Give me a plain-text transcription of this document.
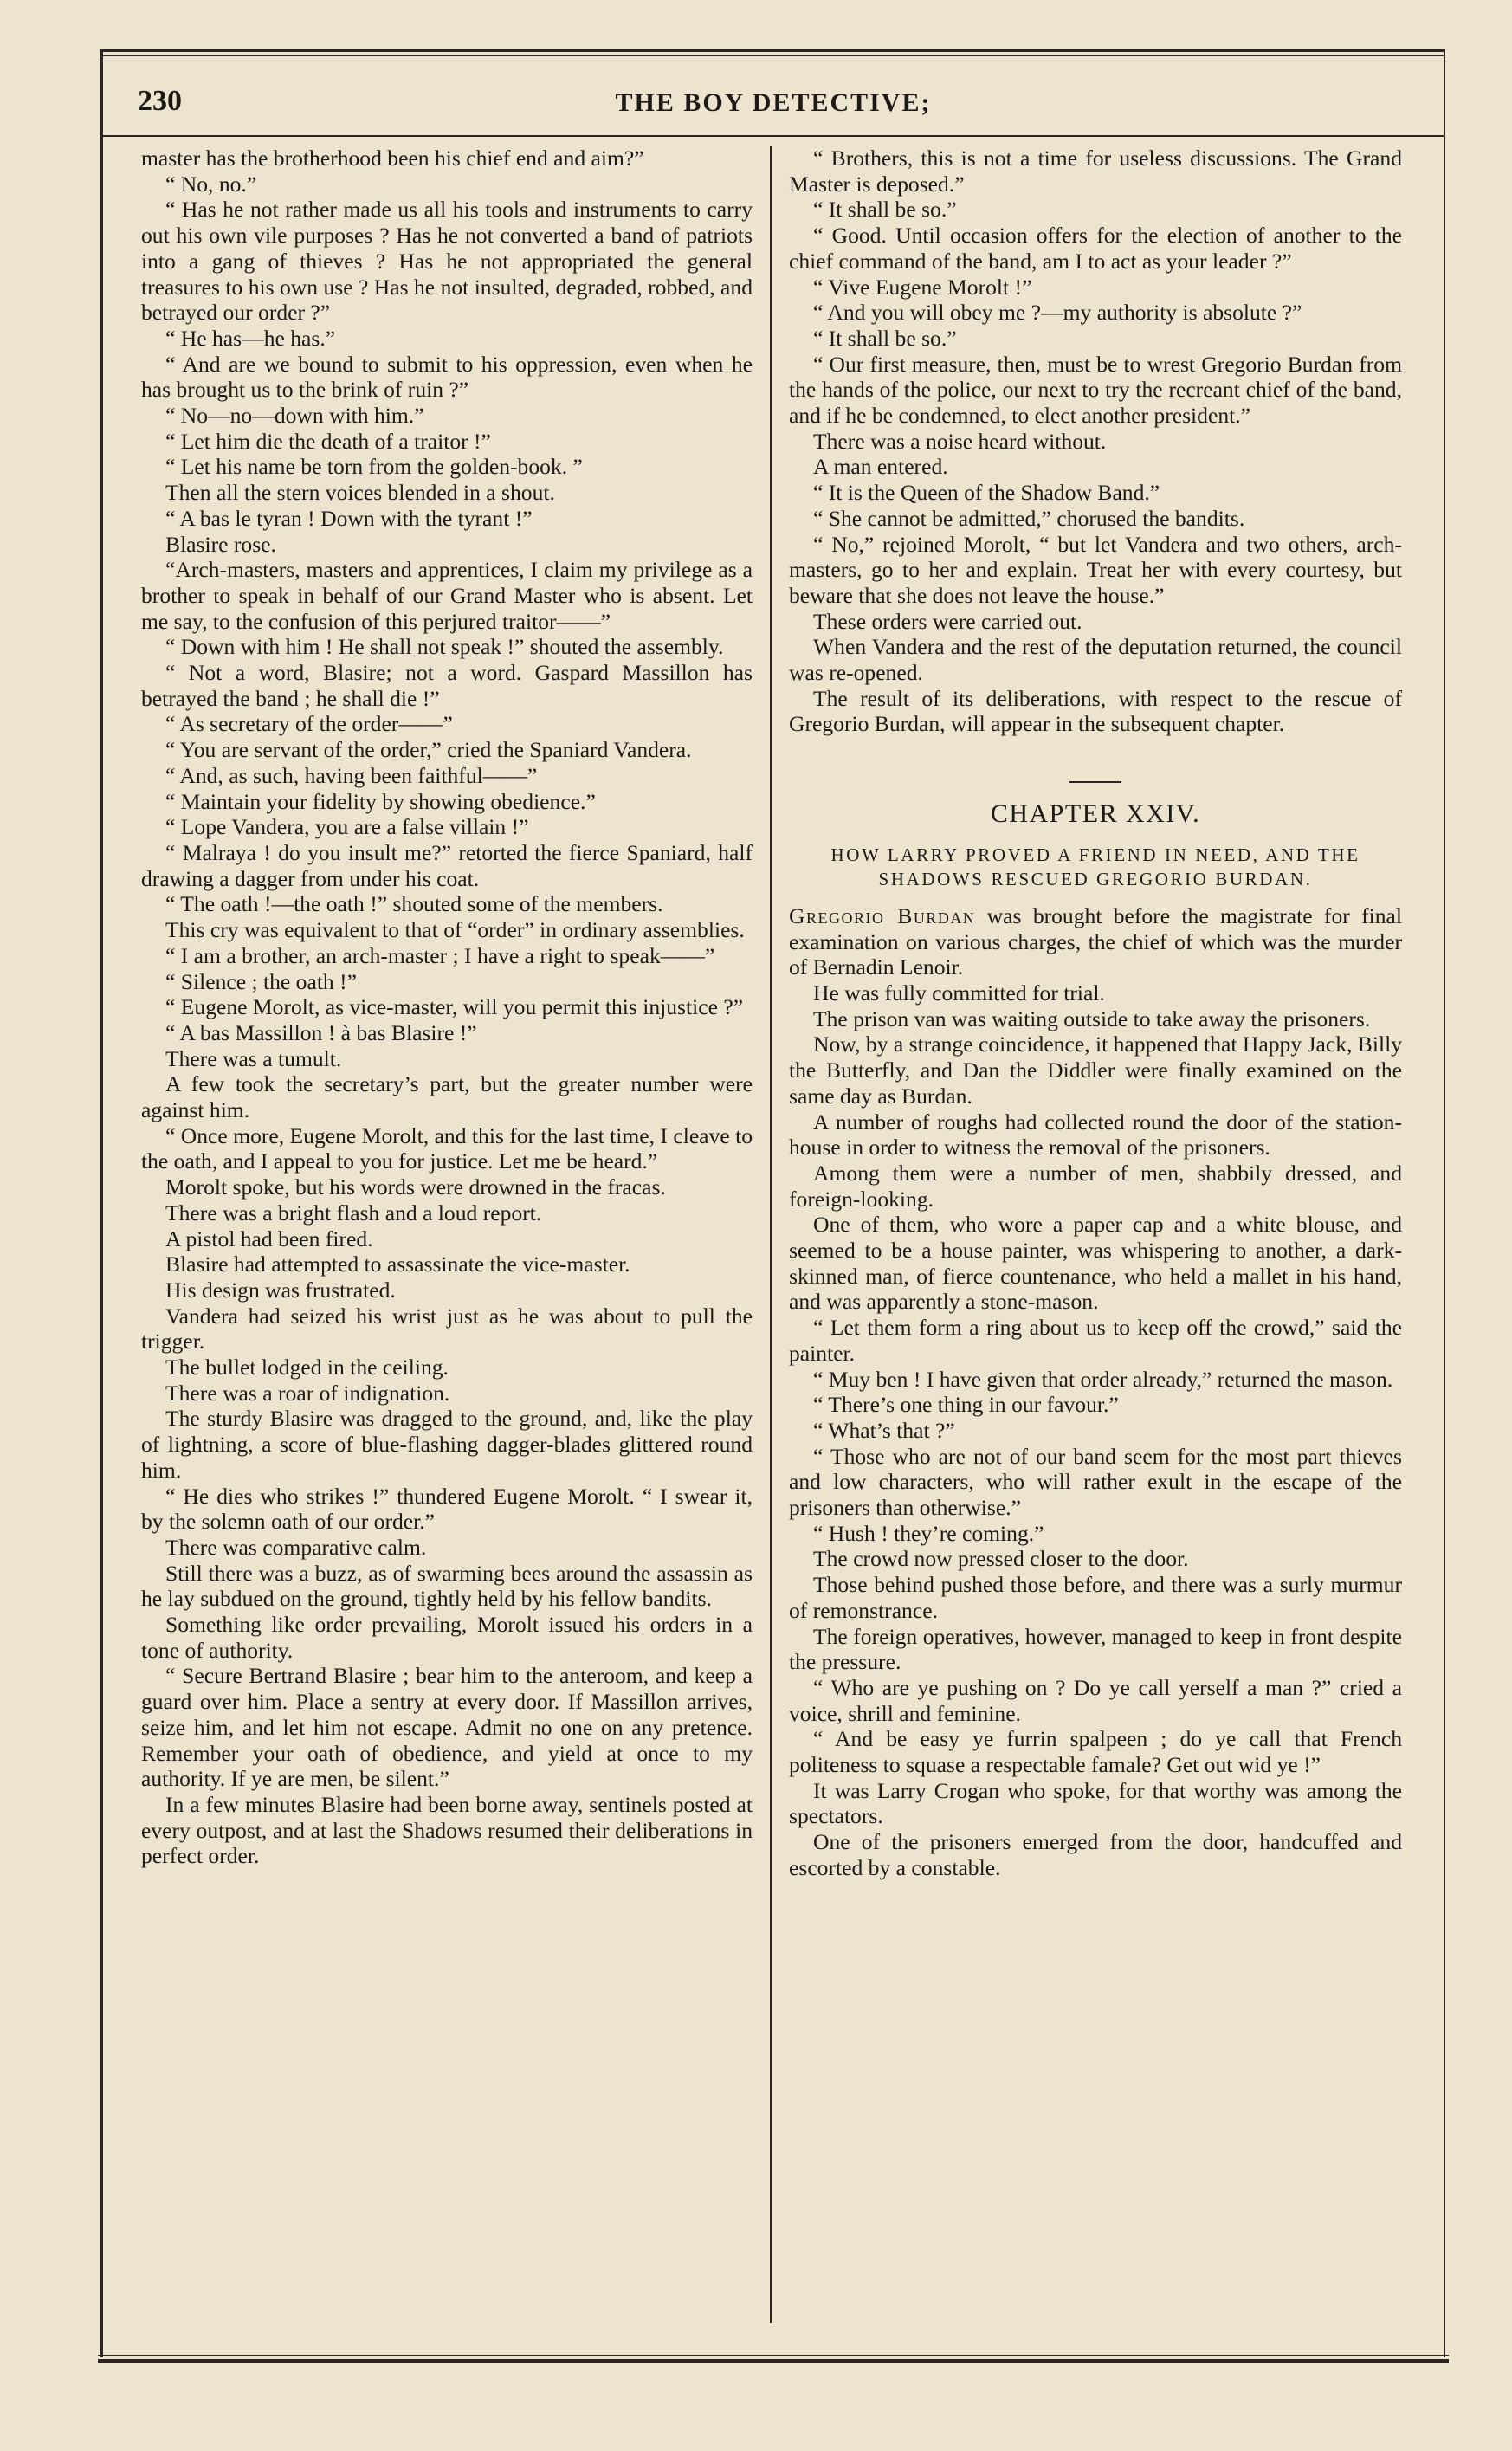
230	THE BOY DETECTIVE;

master has the brotherhood been his chief end and aim?”

“ No, no.”

“ Has he not rather made us all his tools and instruments to carry out his own vile purposes ? Has he not converted a band of patriots into a gang of thieves ? Has he not appropriated the general treasures to his own use ? Has he not insulted, degraded, robbed, and betrayed our order ?”

“ He has—he has.”

“ And are we bound to submit to his oppression, even when he has brought us to the brink of ruin ?”

“ No—no—down with him.”

“ Let him die the death of a traitor !”

“ Let his name be torn from the golden-book. ”

Then all the stern voices blended in a shout.

“ A bas le tyran ! Down with the tyrant !”

Blasire rose.

“Arch-masters, masters and apprentices, I claim my privilege as a brother to speak in behalf of our Grand Master who is absent. Let me say, to the confusion of this perjured traitor——”

“ Down with him ! He shall not speak !” shouted the assembly.

“ Not a word, Blasire; not a word. Gaspard Massillon has betrayed the band ; he shall die !”

“ As secretary of the order——”

“ You are servant of the order,” cried the Spaniard Vandera.

“ And, as such, having been faithful——”

“ Maintain your fidelity by showing obedience.”

“ Lope Vandera, you are a false villain !”

“ Malraya ! do you insult me?” retorted the fierce Spaniard, half drawing a dagger from under his coat.

“ The oath !—the oath !” shouted some of the members.

This cry was equivalent to that of “order” in ordinary assemblies.

“ I am a brother, an arch-master ; I have a right to speak——”

“ Silence ; the oath !”

“ Eugene Morolt, as vice-master, will you permit this injustice ?”

“ A bas Massillon ! à bas Blasire !”

There was a tumult.

A few took the secretary’s part, but the greater number were against him.

“ Once more, Eugene Morolt, and this for the last time, I cleave to the oath, and I appeal to you for justice. Let me be heard.”

Morolt spoke, but his words were drowned in the fracas.

There was a bright flash and a loud report.

A pistol had been fired.

Blasire had attempted to assassinate the vice-master.

His design was frustrated.

Vandera had seized his wrist just as he was about to pull the trigger.

The bullet lodged in the ceiling.

There was a roar of indignation.

The sturdy Blasire was dragged to the ground, and, like the play of lightning, a score of blue-flashing dagger-blades glittered round him.

“ He dies who strikes !” thundered Eugene Morolt. “ I swear it, by the solemn oath of our order.”

There was comparative calm.

Still there was a buzz, as of swarming bees around the assassin as he lay subdued on the ground, tightly held by his fellow bandits.

Something like order prevailing, Morolt issued his orders in a tone of authority.

“ Secure Bertrand Blasire ; bear him to the anteroom, and keep a guard over him. Place a sentry at every door. If Massillon arrives, seize him, and let him not escape. Admit no one on any pretence. Remember your oath of obedience, and yield at once to my authority. If ye are men, be silent.”

In a few minutes Blasire had been borne away, sentinels posted at every outpost, and at last the Shadows resumed their deliberations in perfect order.

“ Brothers, this is not a time for useless discussions. The Grand Master is deposed.”

“ It shall be so.”

“ Good. Until occasion offers for the election of another to the chief command of the band, am I to act as your leader ?”

“ Vive Eugene Morolt !”

“ And you will obey me ?—my authority is absolute ?”

“ It shall be so.”

“ Our first measure, then, must be to wrest Gregorio Burdan from the hands of the police, our next to try the recreant chief of the band, and if he be condemned, to elect another president.”

There was a noise heard without.

A man entered.

“ It is the Queen of the Shadow Band.”

“ She cannot be admitted,” chorused the bandits.

“ No,” rejoined Morolt, “ but let Vandera and two others, arch-masters, go to her and explain. Treat her with every courtesy, but beware that she does not leave the house.”

These orders were carried out.

When Vandera and the rest of the deputation returned, the council was re-opened.

The result of its deliberations, with respect to the rescue of Gregorio Burdan, will appear in the subsequent chapter.

CHAPTER XXIV.
HOW LARRY PROVED A FRIEND IN NEED, AND THE SHADOWS RESCUED GREGORIO BURDAN.

Gregorio Burdan was brought before the magistrate for final examination on various charges, the chief of which was the murder of Bernadin Lenoir.

He was fully committed for trial.

The prison van was waiting outside to take away the prisoners.

Now, by a strange coincidence, it happened that Happy Jack, Billy the Butterfly, and Dan the Diddler were finally examined on the same day as Burdan.

A number of roughs had collected round the door of the station-house in order to witness the removal of the prisoners.

Among them were a number of men, shabbily dressed, and foreign-looking.

One of them, who wore a paper cap and a white blouse, and seemed to be a house painter, was whispering to another, a dark-skinned man, of fierce countenance, who held a mallet in his hand, and was apparently a stone-mason.

“ Let them form a ring about us to keep off the crowd,” said the painter.

“ Muy ben ! I have given that order already,” returned the mason.

“ There’s one thing in our favour.”

“ What’s that ?”

“ Those who are not of our band seem for the most part thieves and low characters, who will rather exult in the escape of the prisoners than otherwise.”

“ Hush ! they’re coming.”

The crowd now pressed closer to the door.

Those behind pushed those before, and there was a surly murmur of remonstrance.

The foreign operatives, however, managed to keep in front despite the pressure.

“ Who are ye pushing on ? Do ye call yerself a man ?” cried a voice, shrill and feminine.

“ And be easy ye furrin spalpeen ; do ye call that French politeness to squase a respectable famale? Get out wid ye !”

It was Larry Crogan who spoke, for that worthy was among the spectators.

One of the prisoners emerged from the door, handcuffed and escorted by a constable.
